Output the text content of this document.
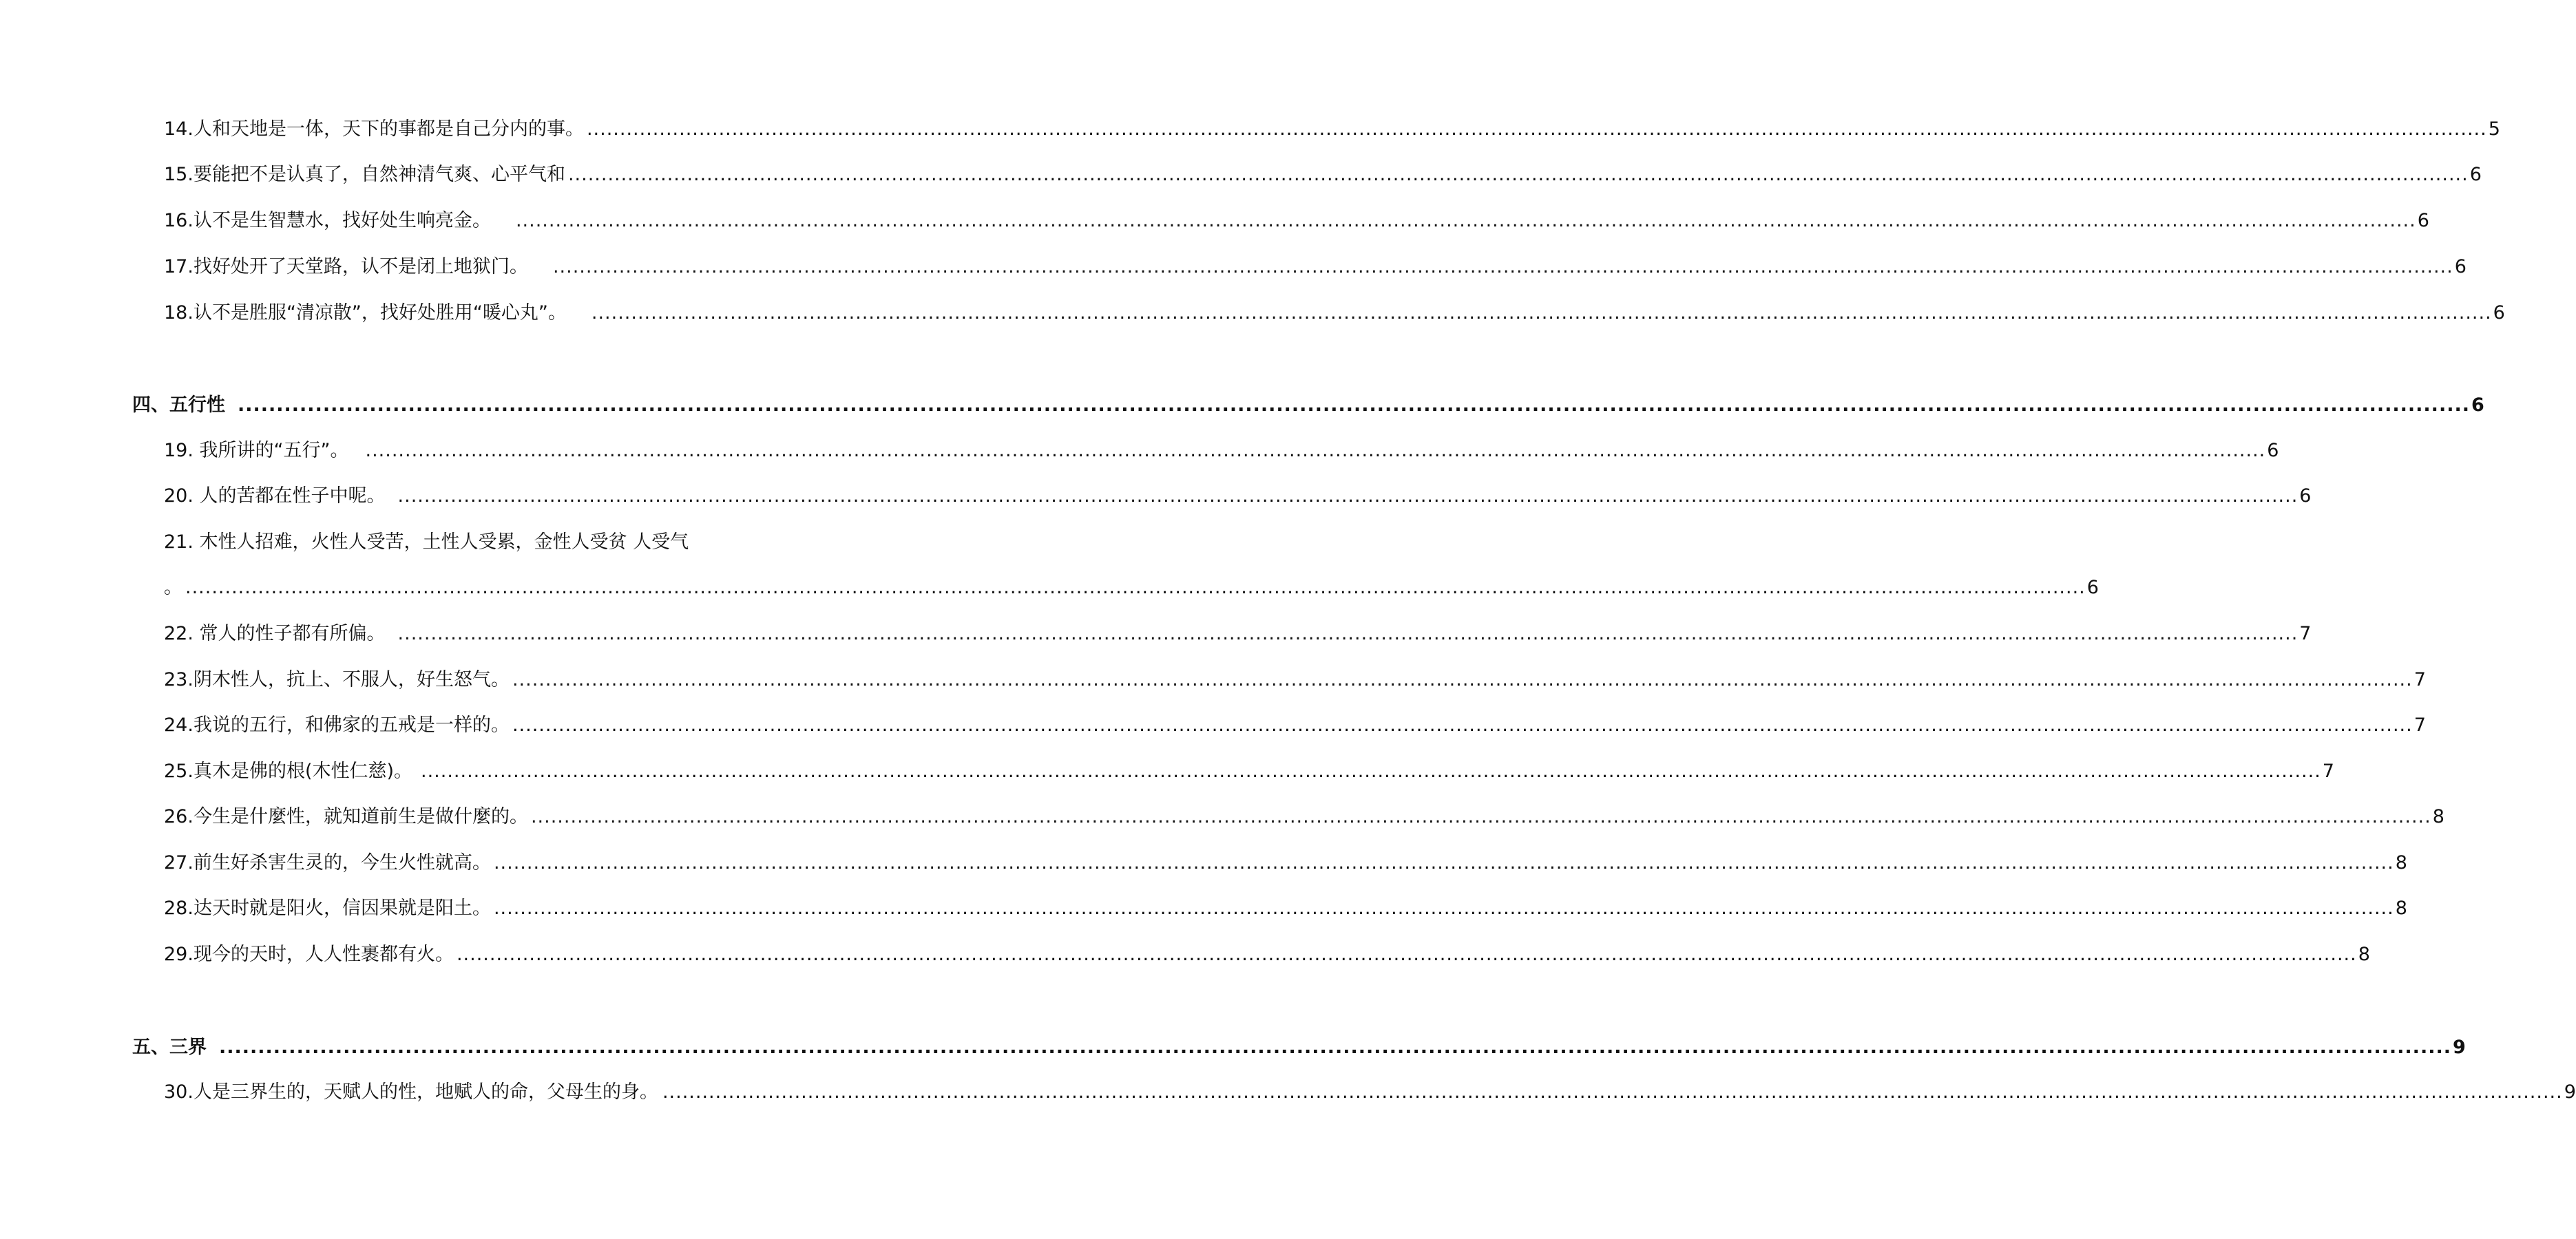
14.人和天地是一体，天下的事都是自己分内的事。 ................................................................................................................................................................................................................................................................................................ 5
15.要能把不是认真了，自然神清气爽、心平气和 ................................................................................................................................................................................................................................................................................................ 6
16.认不是生智慧水，找好处生响亮金。 ................................................................................................................................................................................................................................................................................................ 6
17.找好处开了天堂路，认不是闭上地狱门。 ................................................................................................................................................................................................................................................................................................ 6
18.认不是胜服“清凉散”，找好处胜用“暖心丸”。 ................................................................................................................................................................................................................................................................................................ 6
四、五行性 ................................................................................................................................................................................................................................................................................................ 6
19. 我所讲的“五行”。 ................................................................................................................................................................................................................................................................................................ 6
20. 人的苦都在性子中呢。 ................................................................................................................................................................................................................................................................................................ 6
21. 木性人招难，火性人受苦，土性人受累，金性人受贫 人受气
。 ................................................................................................................................................................................................................................................................................................ 6
22. 常人的性子都有所偏。 ................................................................................................................................................................................................................................................................................................ 7
23.阴木性人，抗上、不服人，好生怒气。 ................................................................................................................................................................................................................................................................................................ 7
24.我说的五行，和佛家的五戒是一样的。 ................................................................................................................................................................................................................................................................................................ 7
25.真木是佛的根(木性仁慈)。 ................................................................................................................................................................................................................................................................................................ 7
26.今生是什麼性，就知道前生是做什麼的。 ................................................................................................................................................................................................................................................................................................ 8
27.前生好杀害生灵的，今生火性就高。 ................................................................................................................................................................................................................................................................................................ 8
28.达天时就是阳火，信因果就是阳土。 ................................................................................................................................................................................................................................................................................................ 8
29.现今的天时，人人性裹都有火。 ................................................................................................................................................................................................................................................................................................ 8
五、三界 ................................................................................................................................................................................................................................................................................................ 9
30.人是三界生的，天赋人的性，地赋人的命，父母生的身。 ................................................................................................................................................................................................................................................................................................ 9
